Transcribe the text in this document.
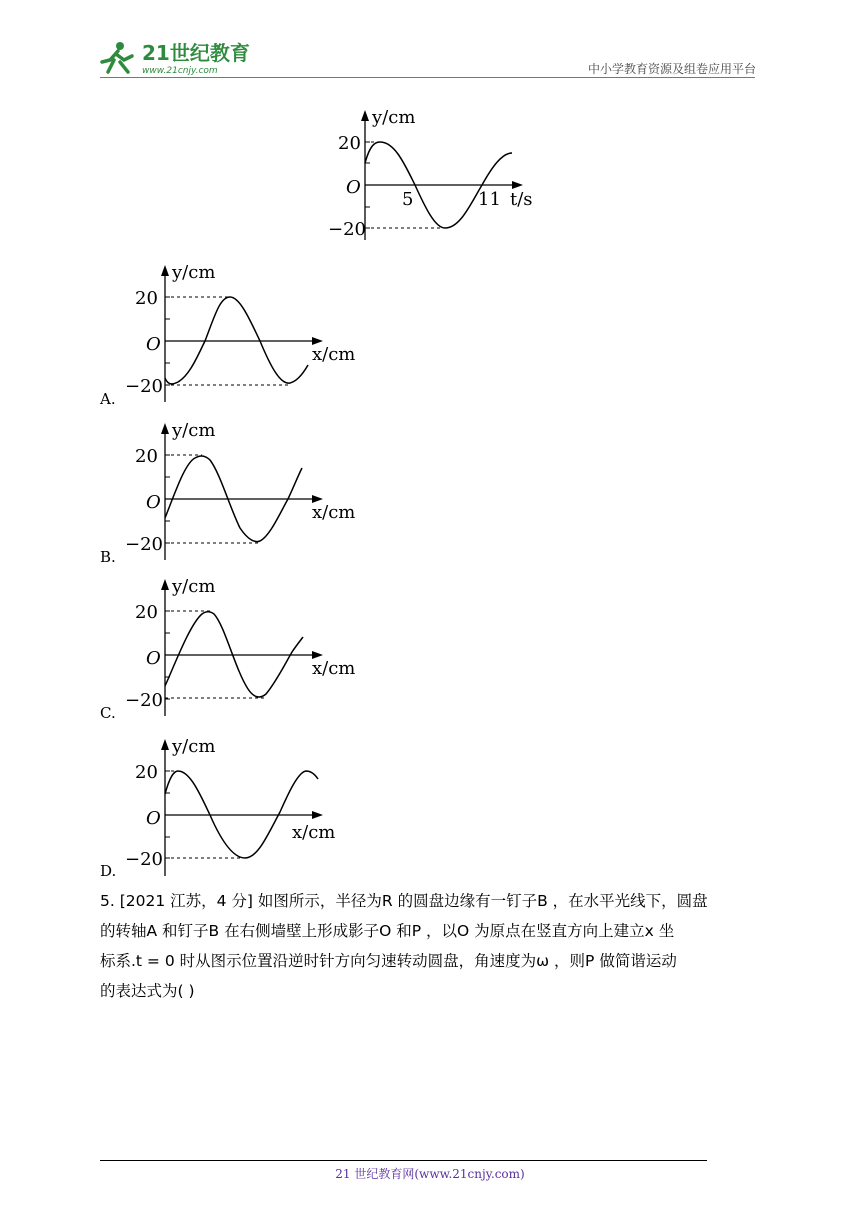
21世纪教育
www.21cnjy.com	中小学教育资源及组卷应用平台
y/cm
20
O
5	11 t/s
−20
y/cm
20
O	x/cm
−20
A.
y/cm
20
O	x/cm
−20
B.
y/cm
20
O	x/cm
−20
C.
y/cm
20
O
x/cm
−20
D.
5. [2021 江苏，4 分] 如图所示，半径为R 的圆盘边缘有一钉子B ，在水平光线下，圆盘
的转轴A 和钉子B 在右侧墙壁上形成影子O 和P ，以O 为原点在竖直方向上建立x 坐
标系.t = 0 时从图示位置沿逆时针方向匀速转动圆盘，角速度为ω ，则P 做简谐运动
的表达式为( )
21 世纪教育网(www.21cnjy.com)
